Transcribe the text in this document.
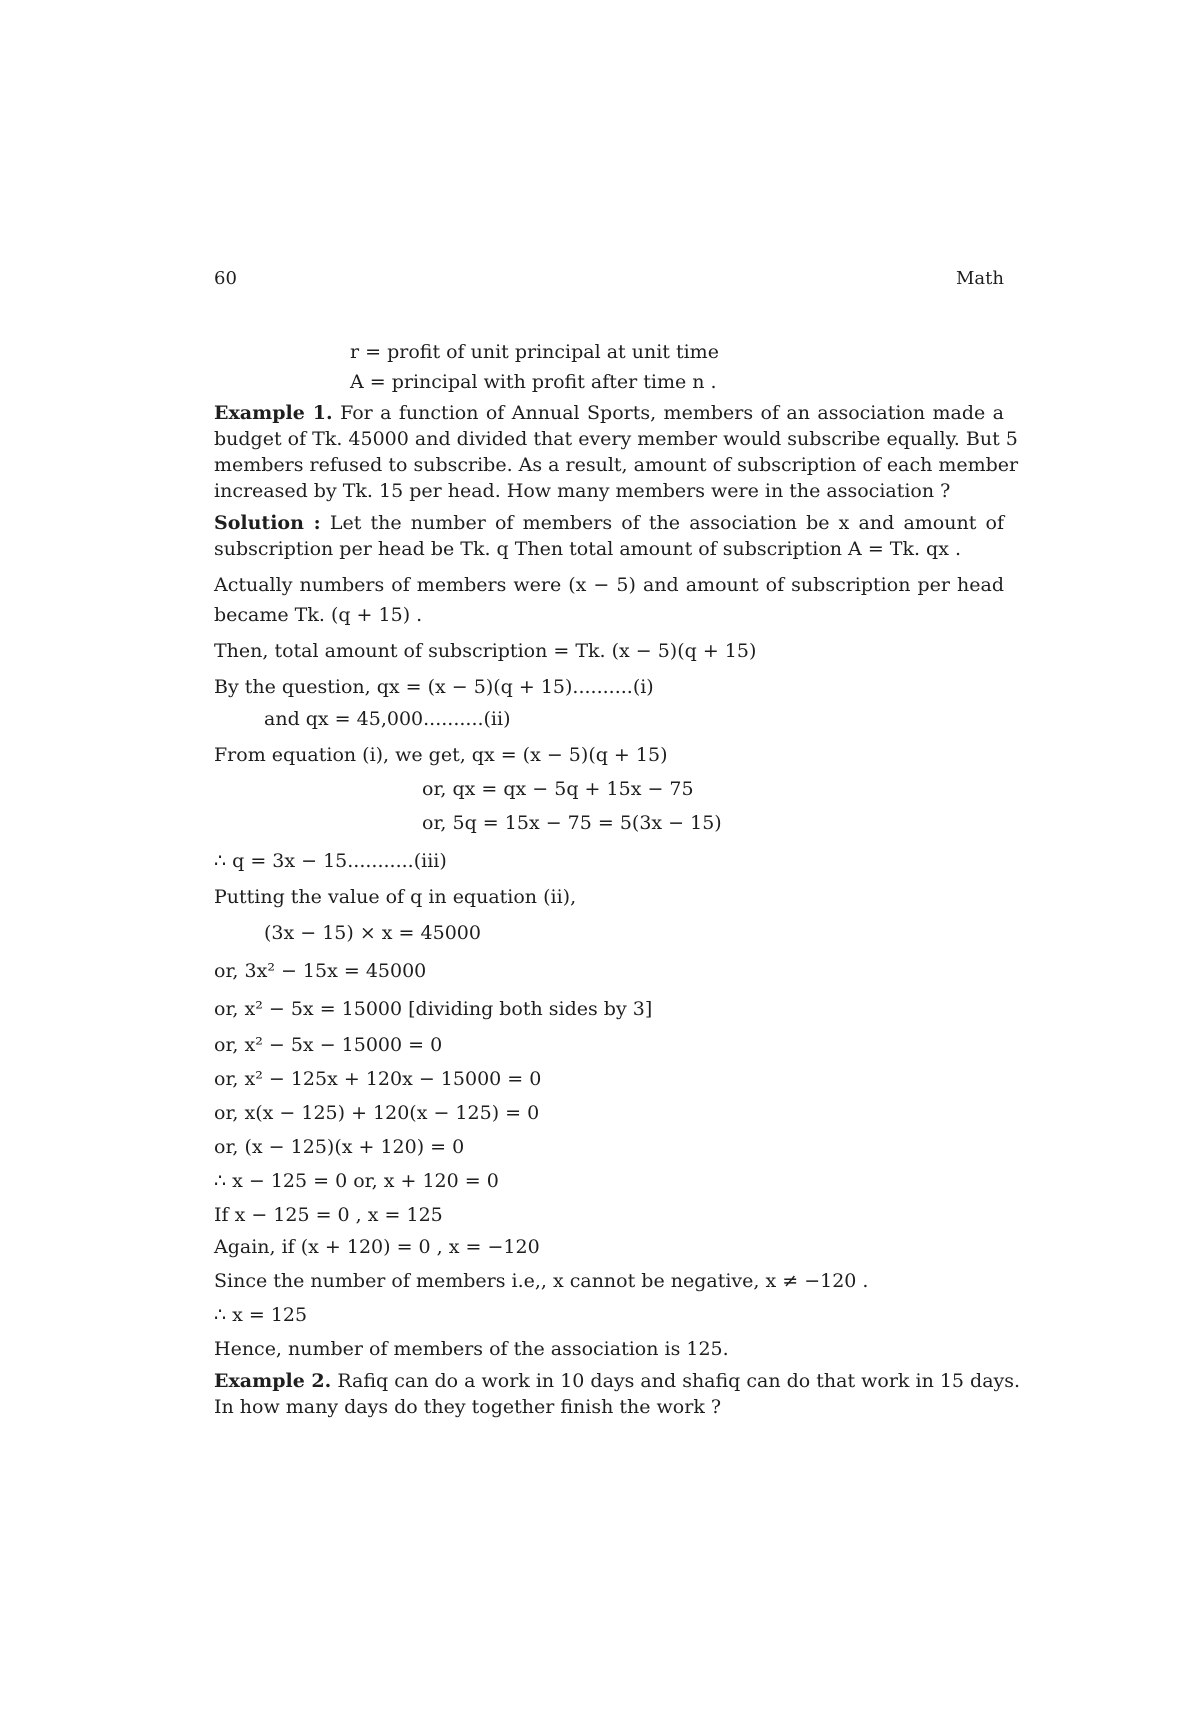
60	Math
r = profit of unit principal at unit time
A = principal with profit after time n .
Example 1. For a function of Annual Sports, members of an association made a
budget of Tk. 45000 and divided that every member would subscribe equally. But 5
members refused to subscribe. As a result, amount of subscription of each member
increased by Tk. 15 per head. How many members were in the association ?
Solution : Let the number of members of the association be x and amount of
subscription per head be Tk. q Then total amount of subscription A = Tk. qx .
Actually numbers of members were (x − 5) and amount of subscription per head
became Tk. (q + 15) .
Then, total amount of subscription = Tk. (x − 5)(q + 15)
By the question, qx = (x − 5)(q + 15)..........(i)
and qx = 45,000..........(ii)
From equation (i), we get, qx = (x − 5)(q + 15)
or, qx = qx − 5q + 15x − 75
or, 5q = 15x − 75 = 5(3x − 15)
∴ q = 3x − 15...........(iii)
Putting the value of q in equation (ii),
(3x − 15) × x = 45000
or, 3x² − 15x = 45000
or, x² − 5x = 15000 [dividing both sides by 3]
or, x² − 5x − 15000 = 0
or, x² − 125x + 120x − 15000 = 0
or, x(x − 125) + 120(x − 125) = 0
or, (x − 125)(x + 120) = 0
∴ x − 125 = 0 or, x + 120 = 0
If x − 125 = 0 , x = 125
Again, if (x + 120) = 0 , x = −120
Since the number of members i.e,, x cannot be negative, x ≠ −120 .
∴ x = 125
Hence, number of members of the association is 125.
Example 2. Rafiq can do a work in 10 days and shafiq can do that work in 15 days.
In how many days do they together finish the work ?
